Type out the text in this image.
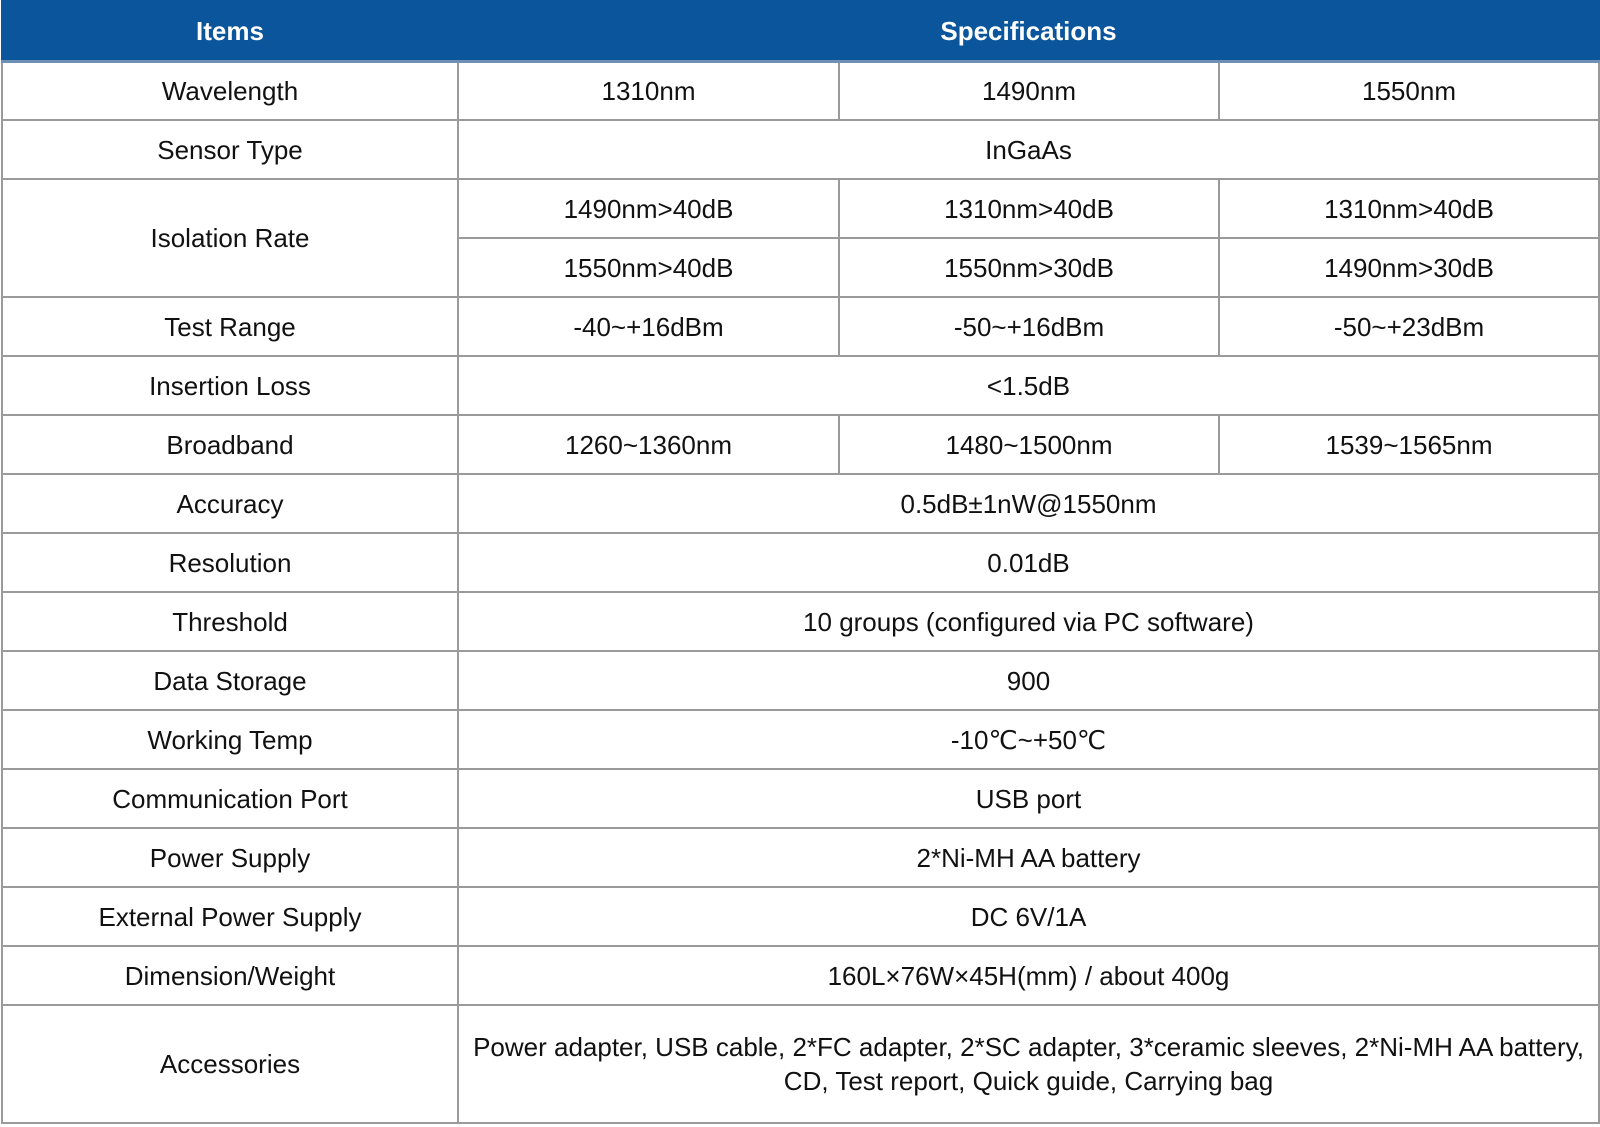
Items	Specifications		
Wavelength	1310nm	1490nm	1550nm
Sensor Type	InGaAs		
Isolation Rate	1490nm>40dB	1310nm>40dB	1310nm>40dB
	1550nm>40dB	1550nm>30dB	1490nm>30dB
Test Range	-40~+16dBm	-50~+16dBm	-50~+23dBm
Insertion Loss	<1.5dB		
Broadband	1260~1360nm	1480~1500nm	1539~1565nm
Accuracy	0.5dB±1nW@1550nm		
Resolution	0.01dB		
Threshold	10 groups (configured via PC software)		
Data Storage	900		
Working Temp	-10℃~+50℃		
Communication Port	USB port		
Power Supply	2*Ni-MH AA battery		
External Power Supply	DC 6V/1A		
Dimension/Weight	160L×76W×45H(mm) / about 400g		
Accessories	Power adapter, USB cable, 2*FC adapter, 2*SC adapter, 3*ceramic sleeves, 2*Ni-MH AA battery, CD, Test report, Quick guide, Carrying bag		
